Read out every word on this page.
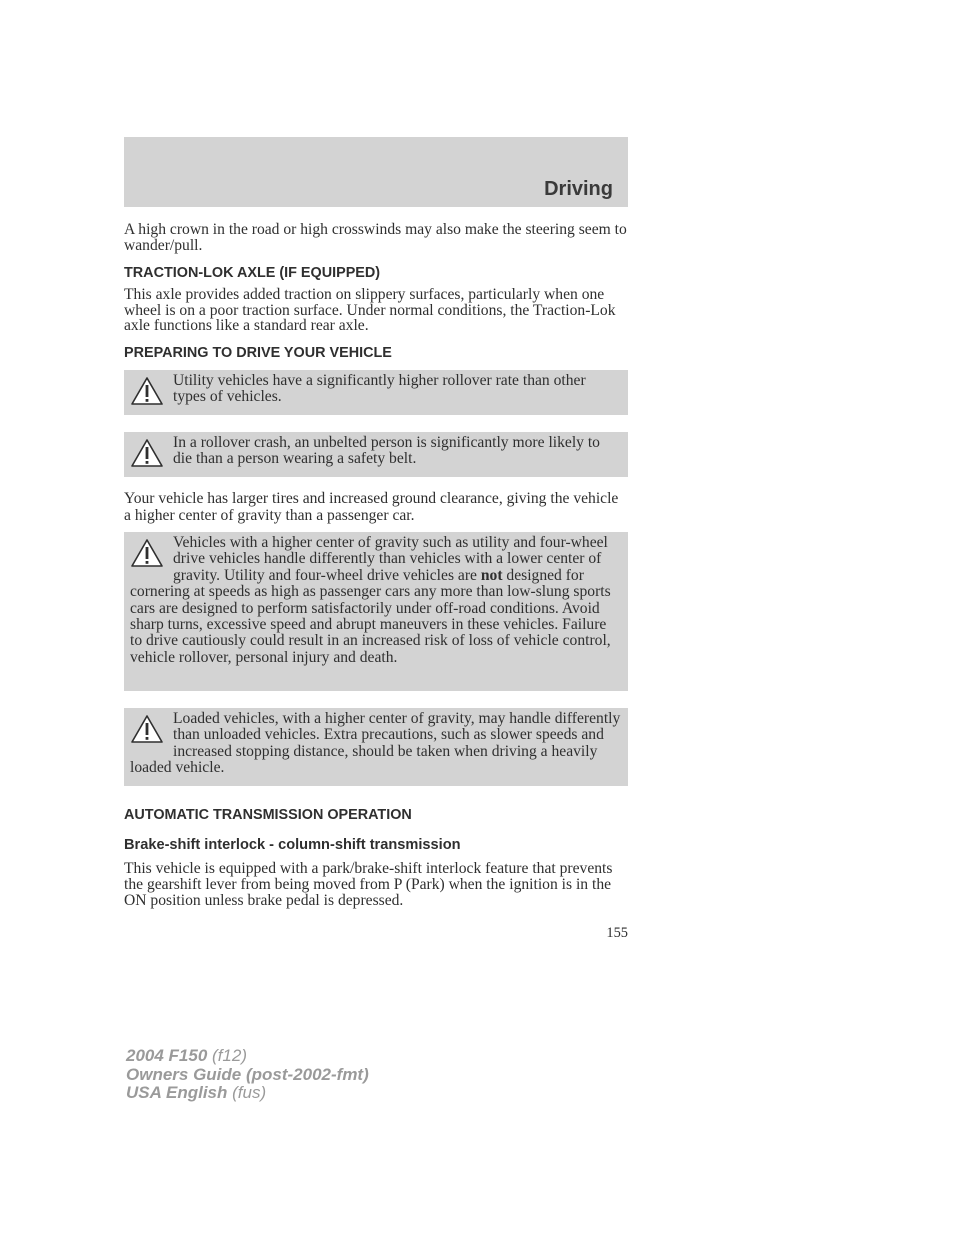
Driving
A high crown in the road or high crosswinds may also make the steering seem to wander/pull.
TRACTION-LOK AXLE (IF EQUIPPED)
This axle provides added traction on slippery surfaces, particularly when one wheel is on a poor traction surface. Under normal conditions, the Traction-Lok axle functions like a standard rear axle.
PREPARING TO DRIVE YOUR VEHICLE
Utility vehicles have a significantly higher rollover rate than other types of vehicles.
In a rollover crash, an unbelted person is significantly more likely to die than a person wearing a safety belt.
Your vehicle has larger tires and increased ground clearance, giving the vehicle a higher center of gravity than a passenger car.
Vehicles with a higher center of gravity such as utility and four-wheel drive vehicles handle differently than vehicles with a lower center of gravity. Utility and four-wheel drive vehicles are not designed for cornering at speeds as high as passenger cars any more than low-slung sports cars are designed to perform satisfactorily under off-road conditions. Avoid sharp turns, excessive speed and abrupt maneuvers in these vehicles. Failure to drive cautiously could result in an increased risk of loss of vehicle control, vehicle rollover, personal injury and death.
Loaded vehicles, with a higher center of gravity, may handle differently than unloaded vehicles. Extra precautions, such as slower speeds and increased stopping distance, should be taken when driving a heavily loaded vehicle.
AUTOMATIC TRANSMISSION OPERATION
Brake-shift interlock - column-shift transmission
This vehicle is equipped with a park/brake-shift interlock feature that prevents the gearshift lever from being moved from P (Park) when the ignition is in the ON position unless brake pedal is depressed.
155
2004 F150 (f12)
Owners Guide (post-2002-fmt)
USA English (fus)
